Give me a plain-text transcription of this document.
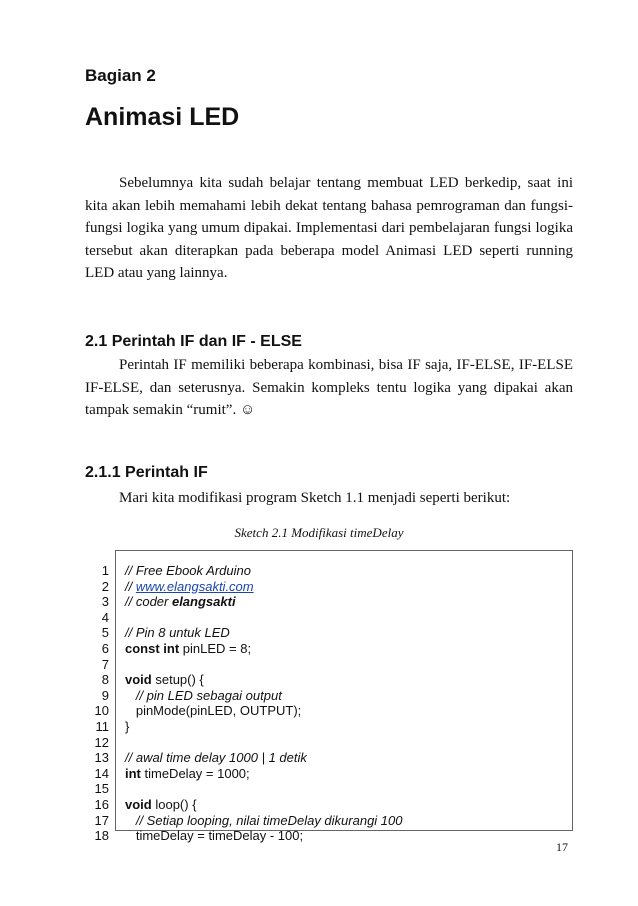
Bagian 2
Animasi LED

Sebelumnya kita sudah belajar tentang membuat LED berkedip, saat ini kita akan lebih memahami lebih dekat tentang bahasa pemrograman dan fungsi-fungsi logika yang umum dipakai. Implementasi dari pembelajaran fungsi logika tersebut akan diterapkan pada beberapa model Animasi LED seperti running LED atau yang lainnya.

2.1 Perintah IF dan IF - ELSE

Perintah IF memiliki beberapa kombinasi, bisa IF saja, IF-ELSE, IF-ELSE IF-ELSE, dan seterusnya. Semakin kompleks tentu logika yang dipakai akan tampak semakin “rumit”. ☺

2.1.1 Perintah IF

Mari kita modifikasi program Sketch 1.1 menjadi seperti berikut:

Sketch 2.1 Modifikasi timeDelay
1
2
3
4
5
6
7
8
9
10
11
12
13
14
15
16
17
18
// Free Ebook Arduino
// www.elangsakti.com
// coder elangsakti
// Pin 8 untuk LED
const int pinLED = 8;
void setup() {
// pin LED sebagai output
pinMode(pinLED, OUTPUT);
}
// awal time delay 1000 | 1 detik
int timeDelay = 1000;
void loop() {
// Setiap looping, nilai timeDelay dikurangi 100
timeDelay = timeDelay - 100;
17
